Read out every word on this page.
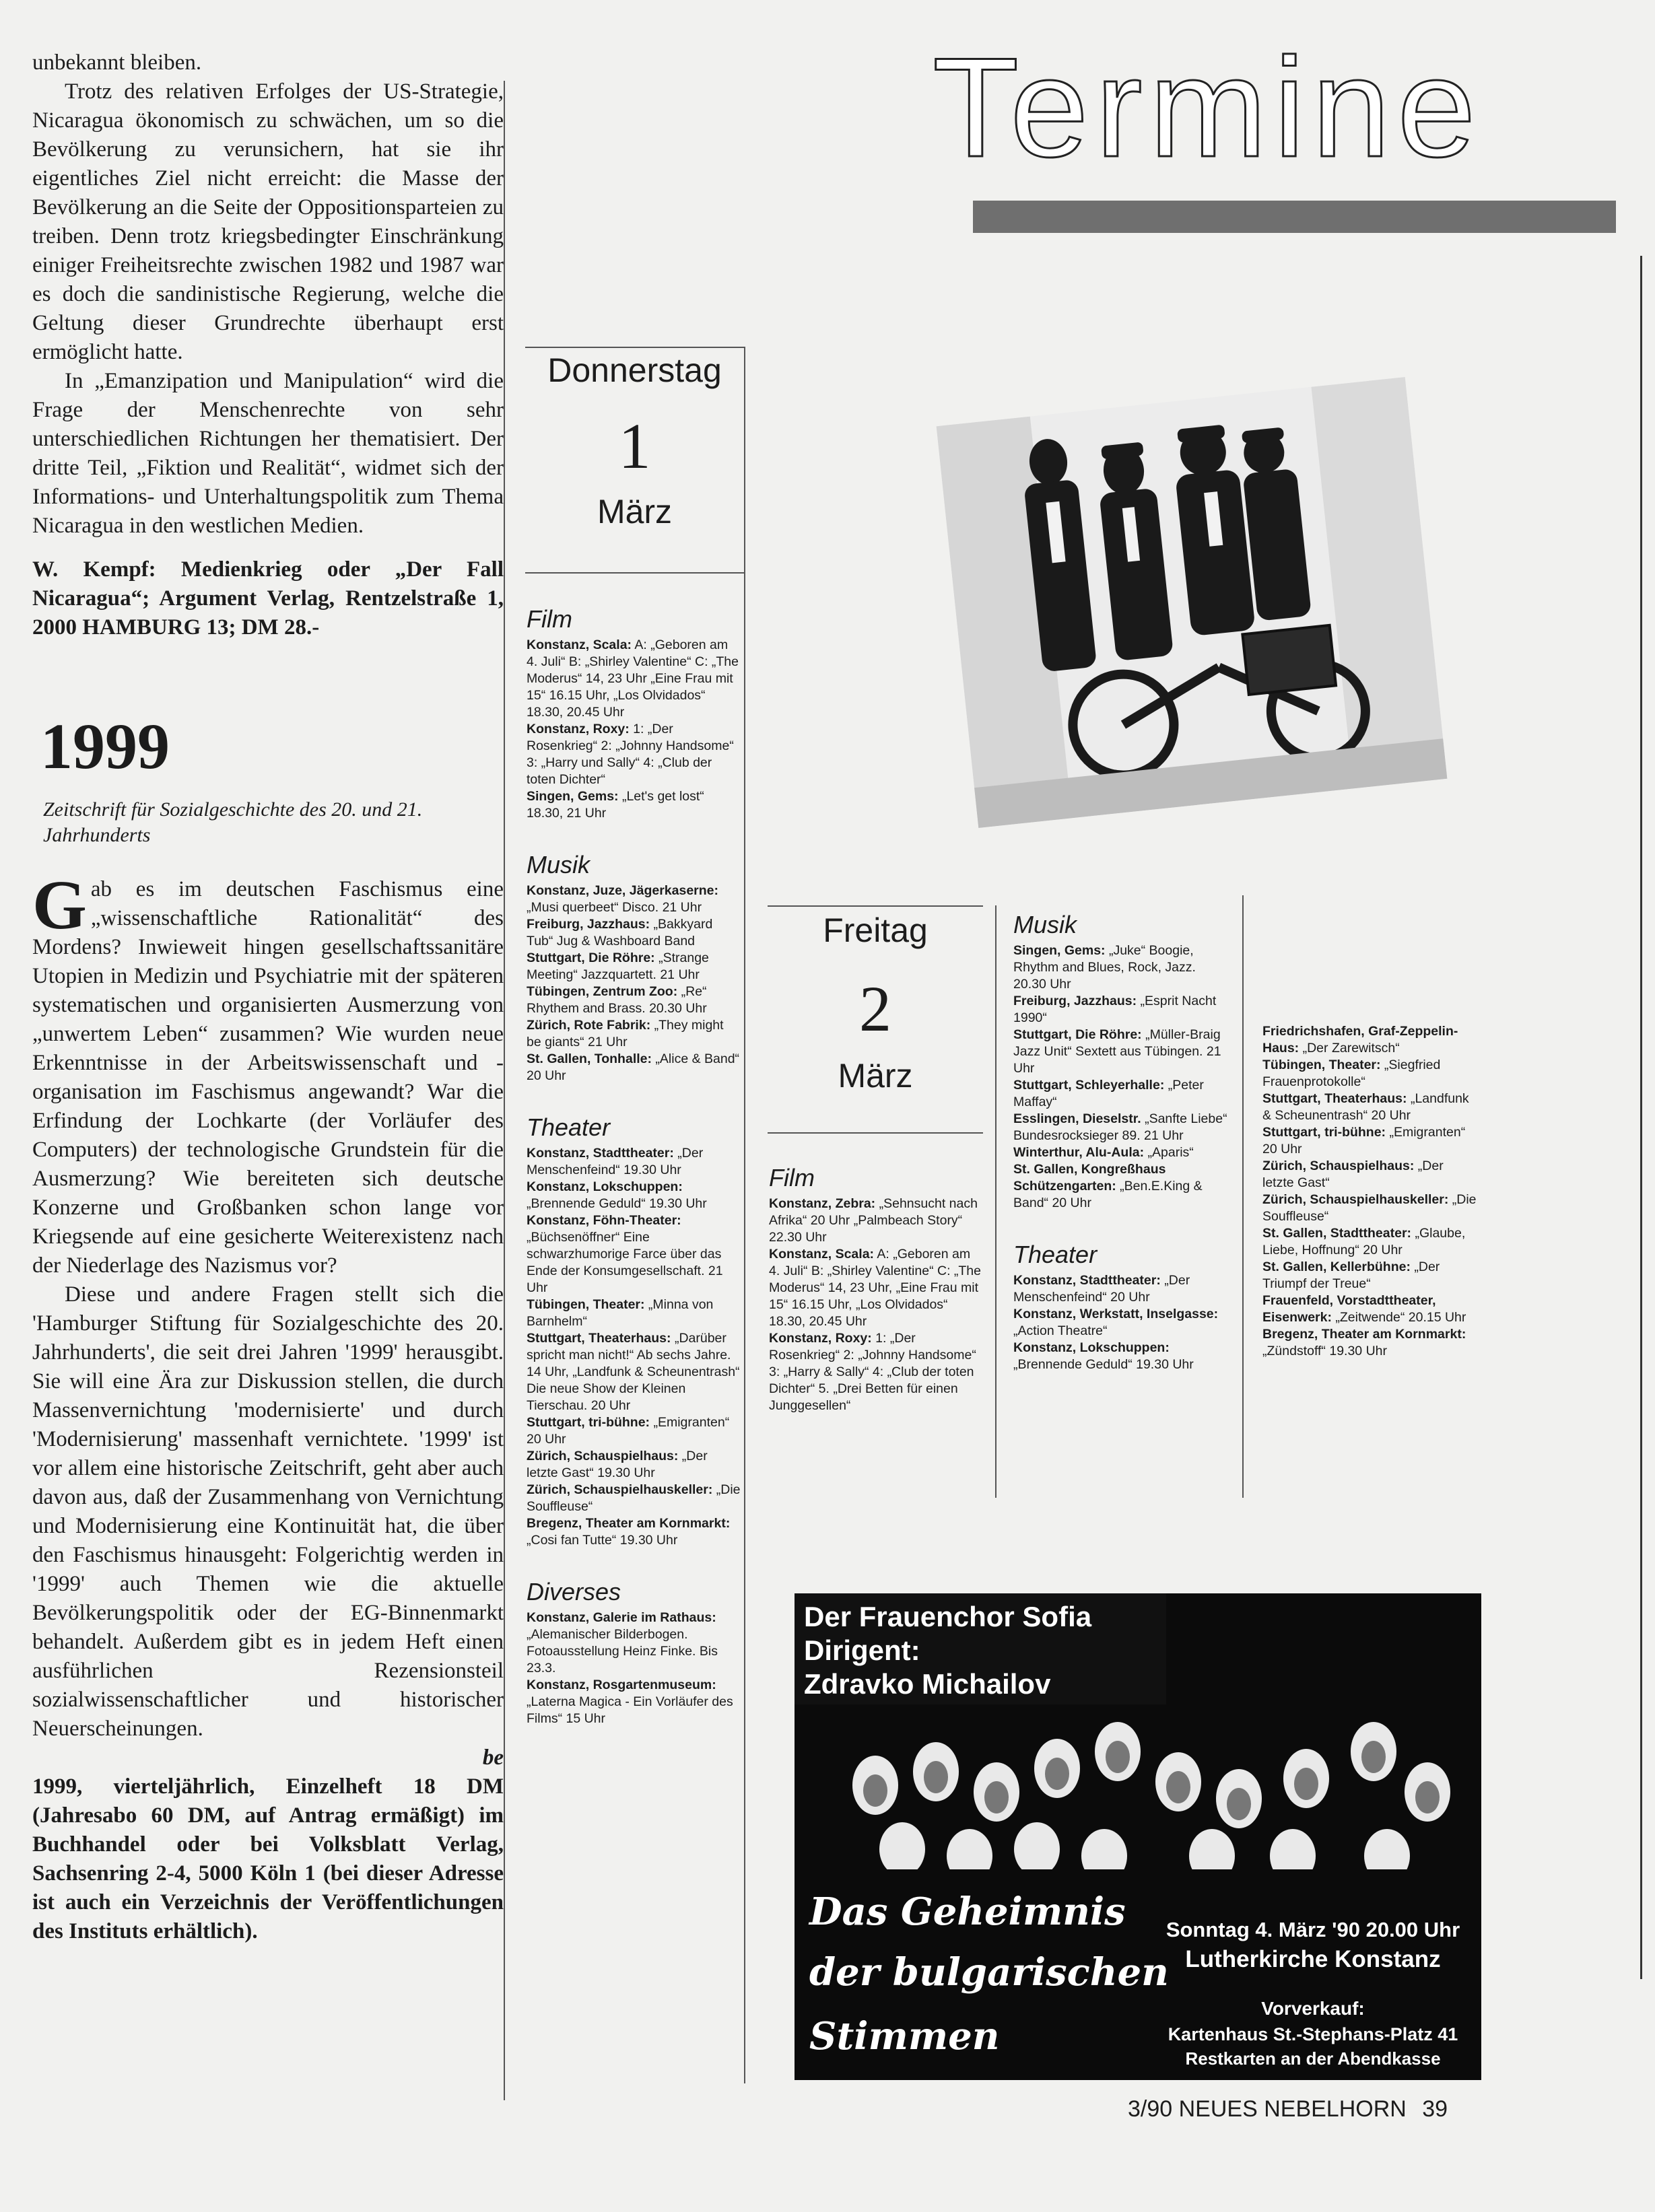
unbekannt bleiben.

Trotz des relativen Erfolges der US-Strategie, Nicaragua ökonomisch zu schwächen, um so die Bevölkerung zu verunsichern, hat sie ihr eigentliches Ziel nicht erreicht: die Masse der Bevölkerung an die Seite der Oppositionsparteien zu treiben. Denn trotz kriegsbedingter Einschränkung einiger Freiheitsrechte zwischen 1982 und 1987 war es doch die sandinistische Regierung, welche die Geltung dieser Grundrechte überhaupt erst ermöglicht hatte.

In „Emanzipation und Manipulation“ wird die Frage der Menschenrechte von sehr unterschiedlichen Richtungen her thematisiert. Der dritte Teil, „Fiktion und Realität“, widmet sich der Informations- und Unterhaltungspolitik zum Thema Nicaragua in den westlichen Medien.

W. Kempf: Medienkrieg oder „Der Fall Nicaragua“; Argument Verlag, Rentzelstraße 1, 2000 HAMBURG 13; DM 28.-

1999
Zeitschrift für Sozialgeschichte des 20. und 21. Jahrhunderts

Gab es im deutschen Faschismus eine „wissenschaftliche Rationalität“ des Mordens? Inwieweit hingen gesellschaftssanitäre Utopien in Medizin und Psychiatrie mit der späteren systematischen und organisierten Ausmerzung von „unwertem Leben“ zusammen? Wie wurden neue Erkenntnisse in der Arbeitswissenschaft und -organisation im Faschismus angewandt? War die Erfindung der Lochkarte (der Vorläufer des Computers) der technologische Grundstein für die Ausmerzung? Wie bereiteten sich deutsche Konzerne und Großbanken schon lange vor Kriegsende auf eine gesicherte Weiterexistenz nach der Niederlage des Nazismus vor?

Diese und andere Fragen stellt sich die 'Hamburger Stiftung für Sozialgeschichte des 20. Jahrhunderts', die seit drei Jahren '1999' herausgibt. Sie will eine Ära zur Diskussion stellen, die durch Massenvernichtung 'modernisierte' und durch 'Modernisierung' massenhaft vernichtete. '1999' ist vor allem eine historische Zeitschrift, geht aber auch davon aus, daß der Zusammenhang von Vernichtung und Modernisierung eine Kontinuität hat, die über den Faschismus hinausgeht: Folgerichtig werden in '1999' auch Themen wie die aktuelle Bevölkerungspolitik oder der EG-Binnenmarkt behandelt. Außerdem gibt es in jedem Heft einen ausführlichen Rezensionsteil sozialwissenschaftlicher und historischer Neuerscheinungen.

be

1999, vierteljährlich, Einzelheft 18 DM (Jahresabo 60 DM, auf Antrag ermäßigt) im Buchhandel oder bei Volksblatt Verlag, Sachsenring 2-4, 5000 Köln 1 (bei dieser Adresse ist auch ein Verzeichnis der Veröffentlichungen des Instituts erhältlich).

Termine
Donnerstag
1
März
Film

Konstanz, Scala: A: „Geboren am 4. Juli“ B: „Shirley Valentine“ C: „The Moderus“ 14, 23 Uhr „Eine Frau mit 15“ 16.15 Uhr, „Los Olvidados“ 18.30, 20.45 Uhr

Konstanz, Roxy: 1: „Der Rosenkrieg“ 2: „Johnny Handsome“ 3: „Harry und Sally“ 4: „Club der toten Dichter“

Singen, Gems: „Let's get lost“ 18.30, 21 Uhr

Musik

Konstanz, Juze, Jägerkaserne: „Musi querbeet“ Disco. 21 Uhr

Freiburg, Jazzhaus: „Bakkyard Tub“ Jug & Washboard Band

Stuttgart, Die Röhre: „Strange Meeting“ Jazzquartett. 21 Uhr

Tübingen, Zentrum Zoo: „Re“ Rhythem and Brass. 20.30 Uhr

Zürich, Rote Fabrik: „They might be giants“ 21 Uhr

St. Gallen, Tonhalle: „Alice & Band“ 20 Uhr

Theater

Konstanz, Stadttheater: „Der Menschenfeind“ 19.30 Uhr

Konstanz, Lokschuppen: „Brennende Geduld“ 19.30 Uhr

Konstanz, Föhn-Theater: „Büchsenöffner“ Eine schwarzhumorige Farce über das Ende der Konsumgesellschaft. 21 Uhr

Tübingen, Theater: „Minna von Barnhelm“

Stuttgart, Theaterhaus: „Darüber spricht man nicht!“ Ab sechs Jahre. 14 Uhr, „Landfunk & Scheunentrash“ Die neue Show der Kleinen Tierschau. 20 Uhr

Stuttgart, tri-bühne: „Emigranten“ 20 Uhr

Zürich, Schauspielhaus: „Der letzte Gast“ 19.30 Uhr

Zürich, Schauspielhauskeller: „Die Souffleuse“

Bregenz, Theater am Kornmarkt: „Cosi fan Tutte“ 19.30 Uhr

Diverses

Konstanz, Galerie im Rathaus: „Alemanischer Bilderbogen. Fotoausstellung Heinz Finke. Bis 23.3.

Konstanz, Rosgartenmuseum: „Laterna Magica - Ein Vorläufer des Films“ 15 Uhr

Freitag
2
März
Film

Konstanz, Zebra: „Sehnsucht nach Afrika“ 20 Uhr „Palmbeach Story“ 22.30 Uhr

Konstanz, Scala: A: „Geboren am 4. Juli“ B: „Shirley Valentine“ C: „The Moderus“ 14, 23 Uhr, „Eine Frau mit 15“ 16.15 Uhr, „Los Olvidados“ 18.30, 20.45 Uhr

Konstanz, Roxy: 1: „Der Rosenkrieg“ 2: „Johnny Handsome“ 3: „Harry & Sally“ 4: „Club der toten Dichter“ 5. „Drei Betten für einen Junggesellen“

Musik

Singen, Gems: „Juke“ Boogie, Rhythm and Blues, Rock, Jazz. 20.30 Uhr

Freiburg, Jazzhaus: „Esprit Nacht 1990“

Stuttgart, Die Röhre: „Müller-Braig Jazz Unit“ Sextett aus Tübingen. 21 Uhr

Stuttgart, Schleyerhalle: „Peter Maffay“

Esslingen, Dieselstr. „Sanfte Liebe“ Bundesrocksieger 89. 21 Uhr

Winterthur, Alu-Aula: „Aparis“

St. Gallen, Kongreßhaus Schützengarten: „Ben.E.King & Band“ 20 Uhr

Theater

Konstanz, Stadttheater: „Der Menschenfeind“ 20 Uhr

Konstanz, Werkstatt, Inselgasse: „Action Theatre“

Konstanz, Lokschuppen: „Brennende Geduld“ 19.30 Uhr

Friedrichshafen, Graf-Zeppelin-Haus: „Der Zarewitsch“

Tübingen, Theater: „Siegfried Frauenprotokolle“

Stuttgart, Theaterhaus: „Landfunk & Scheunentrash“ 20 Uhr

Stuttgart, tri-bühne: „Emigranten“ 20 Uhr

Zürich, Schauspielhaus: „Der letzte Gast“

Zürich, Schauspielhauskeller: „Die Souffleuse“

St. Gallen, Stadttheater: „Glaube, Liebe, Hoffnung“ 20 Uhr

St. Gallen, Kellerbühne: „Der Triumpf der Treue“

Frauenfeld, Vorstadttheater, Eisenwerk: „Zeitwende“ 20.15 Uhr

Bregenz, Theater am Kornmarkt: „Zündstoff“ 19.30 Uhr

Der Frauenchor Sofia
Dirigent:
Zdravko Michailov
Das Geheimnis
der bulgarischen
Stimmen
Sonntag 4. März '90 20.00 Uhr
Lutherkirche Konstanz
Vorverkauf:
Kartenhaus St.-Stephans-Platz 41
Restkarten an der Abendkasse
3/90 NEUES NEBELHORN 39
